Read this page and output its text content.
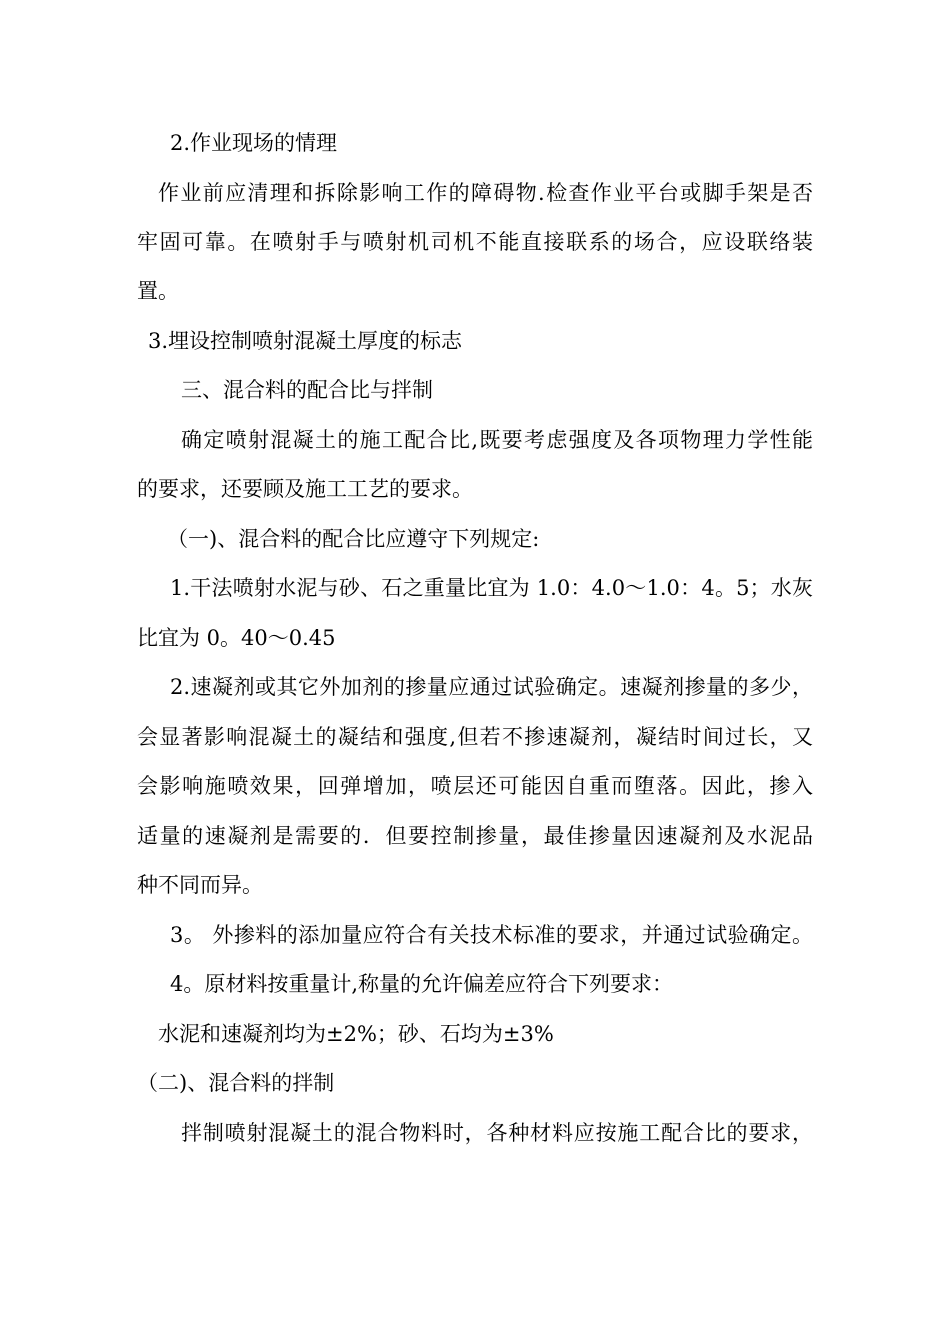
2.作业现场的情理
作业前应清理和拆除影响工作的障碍物.检查作业平台或脚手架是否
牢固可靠。在喷射手与喷射机司机不能直接联系的场合，应设联络装
置。
3.埋设控制喷射混凝土厚度的标志
三、混合料的配合比与拌制
确定喷射混凝土的施工配合比,既要考虑强度及各项物理力学性能
的要求，还要顾及施工工艺的要求。
（一)、混合料的配合比应遵守下列规定:
1.干法喷射水泥与砂、石之重量比宜为 1.0：4.0～1.0：4。5；水灰
比宜为 0。40～0.45
2.速凝剂或其它外加剂的掺量应通过试验确定。速凝剂掺量的多少，
会显著影响混凝土的凝结和强度,但若不掺速凝剂，凝结时间过长，又
会影响施喷效果，回弹增加，喷层还可能因自重而堕落。因此，掺入
适量的速凝剂是需要的．但要控制掺量，最佳掺量因速凝剂及水泥品
种不同而异。
3。 外掺料的添加量应符合有关技术标准的要求，并通过试验确定。
4。原材料按重量计,称量的允许偏差应符合下列要求：
水泥和速凝剂均为±2%；砂、石均为±3%
（二)、混合料的拌制
拌制喷射混凝土的混合物料时，各种材料应按施工配合比的要求，
